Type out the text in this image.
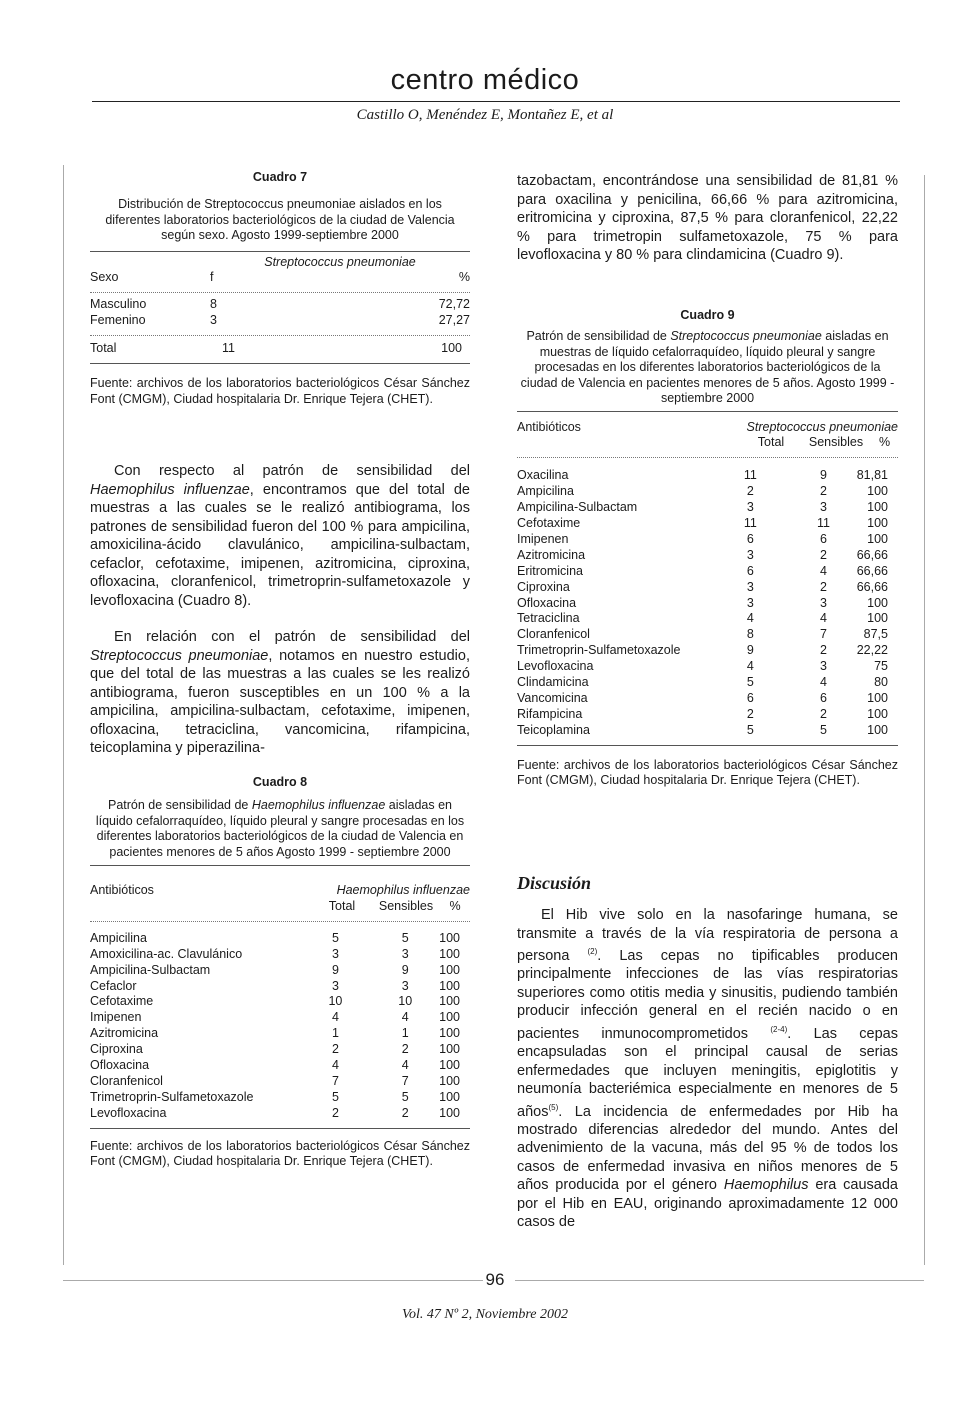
centro médico
Castillo O, Menéndez E, Montañez E, et al
96
Vol. 47 Nº 2, Noviembre 2002
Cuadro 7
Distribución de Streptococcus pneumoniae aislados en los diferentes laboratorios bacteriológicos de la ciudad de Valencia según sexo. Agosto 1999-septiembre 2000
	Streptococcus pneumoniae	
Sexo	f	%
Masculino	8	72,72
Femenino	3	27,27
Total	11	100
Fuente: archivos de los laboratorios bacteriológicos César Sánchez Font (CMGM), Ciudad hospitalaria Dr. Enrique Tejera (CHET).

Con respecto al patrón de sensibilidad del Haemophilus influenzae, encontramos que del total de muestras a las cuales se le realizó antibiograma, los patrones de sensibilidad fueron del 100 % para ampicilina, amoxicilina-ácido clavulánico, ampicilina-sulbactam, cefaclor, cefotaxime, imipenen, azitromicina, ciproxina, ofloxacina, cloranfenicol, trimetroprin-sulfametoxazole y levofloxacina (Cuadro 8).

En relación con el patrón de sensibilidad del Streptococcus pneumoniae, notamos en nuestro estudio, que del total de las muestras a las cuales se les realizó antibiograma, fueron susceptibles en un 100 % a la ampicilina, ampicilina-sulbactam, cefotaxime, imipenen, ofloxacina, tetraciclina, vancomicina, rifampicina, teicoplamina y piperazilina-

Cuadro 8
Patrón de sensibilidad de Haemophilus influenzae aisladas en líquido cefalorraquídeo, líquido pleural y sangre procesadas en los diferentes laboratorios bacteriológicos de la ciudad de Valencia en pacientes menores de 5 años Agosto 1999 - septiembre 2000
Antibióticos	Haemophilus influenzae		
	Total	Sensibles	%
Ampicilina	5	5	100
Amoxicilina-ac. Clavulánico	3	3	100
Ampicilina-Sulbactam	9	9	100
Cefaclor	3	3	100
Cefotaxime	10	10	100
Imipenen	4	4	100
Azitromicina	1	1	100
Ciproxina	2	2	100
Ofloxacina	4	4	100
Cloranfenicol	7	7	100
Trimetroprin-Sulfametoxazole	5	5	100
Levofloxacina	2	2	100
Fuente: archivos de los laboratorios bacteriológicos César Sánchez Font (CMGM), Ciudad hospitalaria Dr. Enrique Tejera (CHET).

tazobactam, encontrándose una sensibilidad de 81,81 % para oxacilina y penicilina, 66,66 % para azitromicina, eritromicina y ciproxina, 87,5 % para cloranfenicol, 22,22 % para trimetropin sulfametoxazole, 75 % para levofloxacina y 80 % para clindamicina (Cuadro 9).

Cuadro 9
Patrón de sensibilidad de Streptococcus pneumoniae aisladas en muestras de líquido cefalorraquídeo, líquido pleural y sangre procesadas en los diferentes laboratorios bacteriológicos de la ciudad de Valencia en pacientes menores de 5 años. Agosto 1999 - septiembre 2000
Antibióticos	Streptococcus pneumoniae		
	Total	Sensibles	%
Oxacilina	11	9	81,81
Ampicilina	2	2	100
Ampicilina-Sulbactam	3	3	100
Cefotaxime	11	11	100
Imipenen	6	6	100
Azitromicina	3	2	66,66
Eritromicina	6	4	66,66
Ciproxina	3	2	66,66
Ofloxacina	3	3	100
Tetraciclina	4	4	100
Cloranfenicol	8	7	87,5
Trimetroprin-Sulfametoxazole	9	2	22,22
Levofloxacina	4	3	75
Clindamicina	5	4	80
Vancomicina	6	6	100
Rifampicina	2	2	100
Teicoplamina	5	5	100
Fuente: archivos de los laboratorios bacteriológicos César Sánchez Font (CMGM), Ciudad hospitalaria Dr. Enrique Tejera (CHET).
Discusión

El Hib vive solo en la nasofaringe humana, se transmite a través de la vía respiratoria de persona a persona $^{(2)}$. Las cepas no tipificables producen principalmente infecciones de las vías respiratorias superiores como otitis media y sinusitis, pudiendo también producir infección general en el recién nacido o en pacientes inmunocomprometidos $^{(2-4)}$. Las cepas encapsuladas son el principal causal de serias enfermedades que incluyen meningitis, epiglotitis y neumonía bacteriémica especialmente en menores de 5 años$^{(5)}$. La incidencia de enfermedades por Hib ha mostrado diferencias alrededor del mundo. Antes del advenimiento de la vacuna, más del 95 % de todos los casos de enfermedad invasiva en niños menores de 5 años producida por el género Haemophilus era causada por el Hib en EAU, originando aproximadamente 12 000 casos de
